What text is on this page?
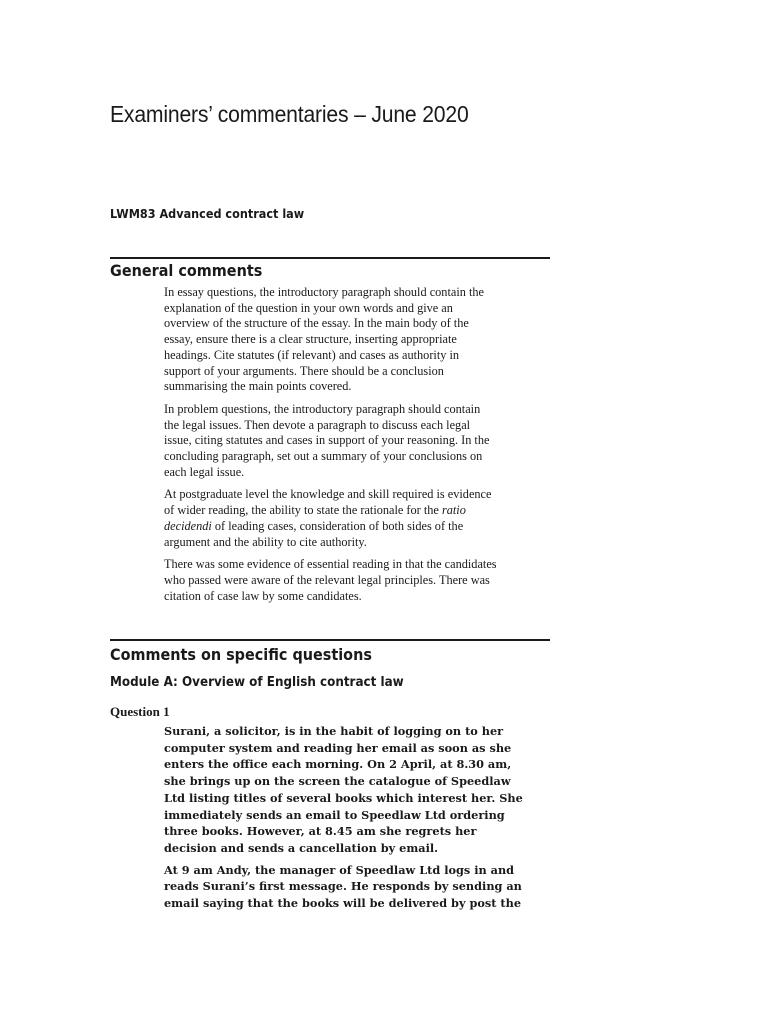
Examiners’ commentaries – June 2020
LWM83 Advanced contract law
General comments

In essay questions, the introductory paragraph should contain the
explanation of the question in your own words and give an
overview of the structure of the essay. In the main body of the
essay, ensure there is a clear structure, inserting appropriate
headings. Cite statutes (if relevant) and cases as authority in
support of your arguments. There should be a conclusion
summarising the main points covered.

In problem questions, the introductory paragraph should contain
the legal issues. Then devote a paragraph to discuss each legal
issue, citing statutes and cases in support of your reasoning. In the
concluding paragraph, set out a summary of your conclusions on
each legal issue.

At postgraduate level the knowledge and skill required is evidence
of wider reading, the ability to state the rationale for the ratio
decidendi of leading cases, consideration of both sides of the
argument and the ability to cite authority.

There was some evidence of essential reading in that the candidates
who passed were aware of the relevant legal principles. There was
citation of case law by some candidates.

Comments on specific questions
Module A: Overview of English contract law
Question 1

Surani, a solicitor, is in the habit of logging on to her
computer system and reading her email as soon as she
enters the office each morning. On 2 April, at 8.30 am,
she brings up on the screen the catalogue of Speedlaw
Ltd listing titles of several books which interest her. She
immediately sends an email to Speedlaw Ltd ordering
three books. However, at 8.45 am she regrets her
decision and sends a cancellation by email.

At 9 am Andy, the manager of Speedlaw Ltd logs in and
reads Surani’s first message. He responds by sending an
email saying that the books will be delivered by post the
